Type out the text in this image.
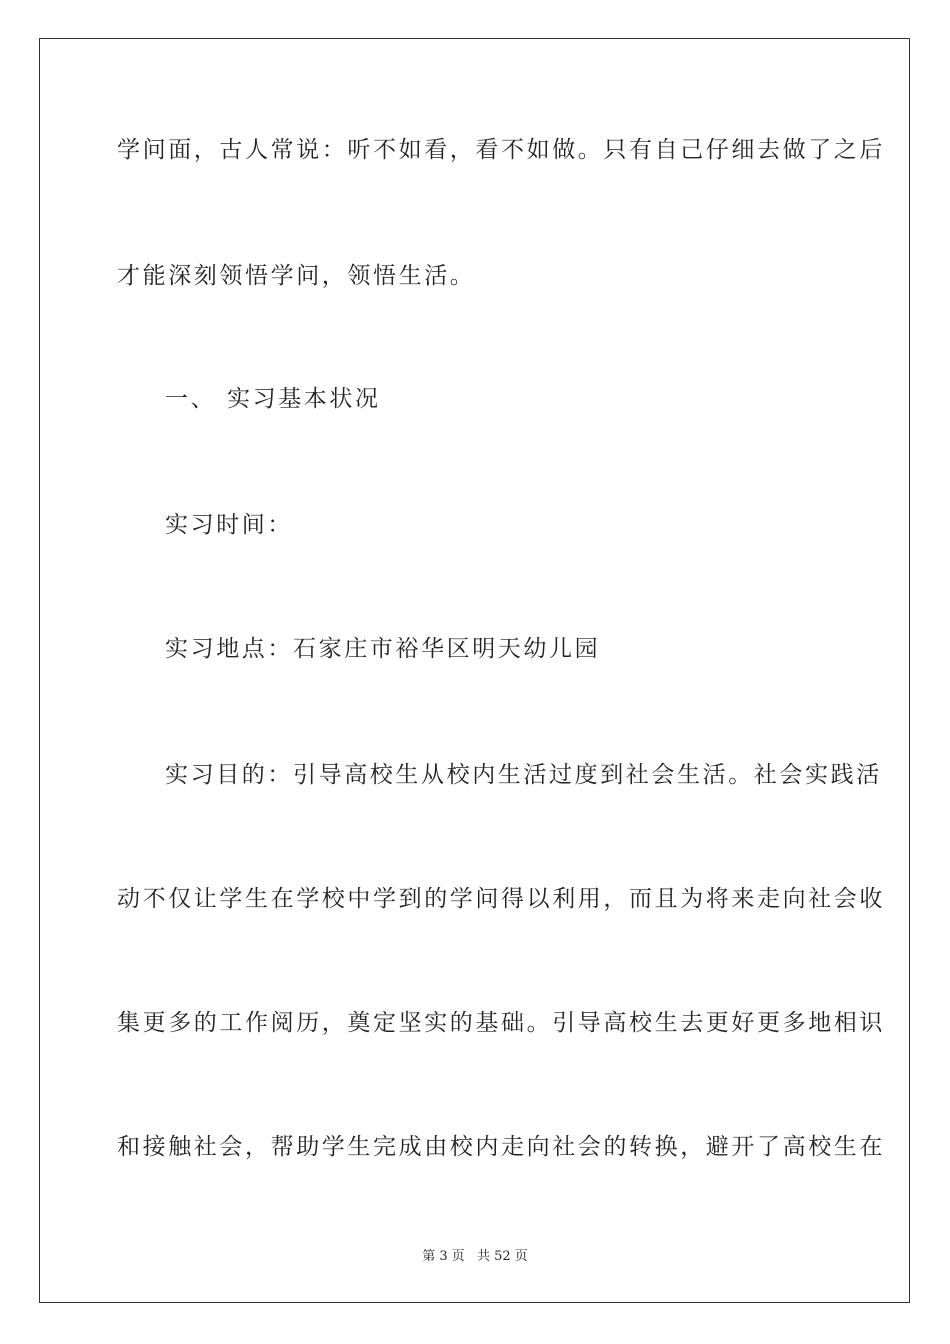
学问面，古人常说：听不如看，看不如做。只有自己仔细去做了之后
才能深刻领悟学问，领悟生活。
一、 实习基本状况
实习时间：
实习地点：石家庄市裕华区明天幼儿园
实习目的：引导高校生从校内生活过度到社会生活。社会实践活
动不仅让学生在学校中学到的学问得以利用，而且为将来走向社会收
集更多的工作阅历，奠定坚实的基础。引导高校生去更好更多地相识
和接触社会，帮助学生完成由校内走向社会的转换，避开了高校生在
第 3 页 共 52 页
